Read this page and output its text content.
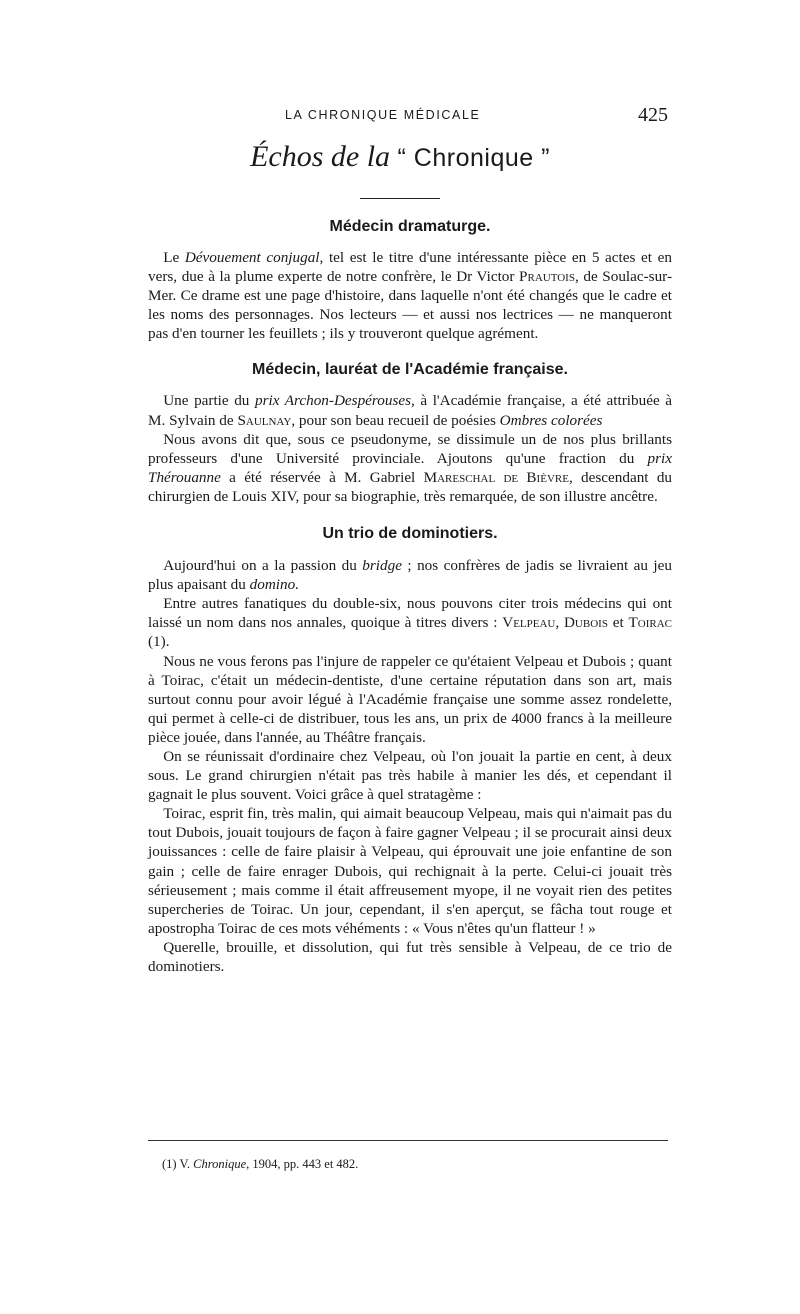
LA CHRONIQUE MÉDICALE	425
Échos de la “ Chronique ”
Médecin dramaturge.

 Le Dévouement conjugal, tel est le titre d'une intéressante pièce en 5 actes et en vers, due à la plume experte de notre confrère, le Dr Victor Prautois, de Soulac-sur-Mer. Ce drame est une page d'histoire, dans laquelle n'ont été changés que le cadre et les noms des personnages. Nos lecteurs — et aussi nos lectrices — ne manqueront pas d'en tourner les feuillets ; ils y trouveront quelque agrément.

Médecin, lauréat de l'Académie française.

 Une partie du prix Archon-Despérouses, à l'Académie française, a été attribuée à M. Sylvain de Saulnay, pour son beau recueil de poésies Ombres colorées

 Nous avons dit que, sous ce pseudonyme, se dissimule un de nos plus brillants professeurs d'une Université provinciale. Ajoutons qu'une fraction du prix Thérouanne a été réservée à M. Gabriel Mareschal de Bièvre, descendant du chirurgien de Louis XIV, pour sa biographie, très remarquée, de son illustre ancêtre.

Un trio de dominotiers.

 Aujourd'hui on a la passion du bridge ; nos confrères de jadis se livraient au jeu plus apaisant du domino.

 Entre autres fanatiques du double-six, nous pouvons citer trois médecins qui ont laissé un nom dans nos annales, quoique à titres divers : Velpeau, Dubois et Toirac (1).

 Nous ne vous ferons pas l'injure de rappeler ce qu'étaient Velpeau et Dubois ; quant à Toirac, c'était un médecin-dentiste, d'une certaine réputation dans son art, mais surtout connu pour avoir légué à l'Académie française une somme assez rondelette, qui permet à celle-ci de distribuer, tous les ans, un prix de 4000 francs à la meilleure pièce jouée, dans l'année, au Théâtre français.

 On se réunissait d'ordinaire chez Velpeau, où l'on jouait la partie en cent, à deux sous. Le grand chirurgien n'était pas très habile à manier les dés, et cependant il gagnait le plus souvent. Voici grâce à quel stratagème :

 Toirac, esprit fin, très malin, qui aimait beaucoup Velpeau, mais qui n'aimait pas du tout Dubois, jouait toujours de façon à faire gagner Velpeau ; il se procurait ainsi deux jouissances : celle de faire plaisir à Velpeau, qui éprouvait une joie enfantine de son gain ; celle de faire enrager Dubois, qui rechignait à la perte. Celui-ci jouait très sérieusement ; mais comme il était affreusement myope, il ne voyait rien des petites supercheries de Toirac. Un jour, cependant, il s'en aperçut, se fâcha tout rouge et apostropha Toirac de ces mots véhéments : « Vous n'êtes qu'un flatteur ! »

 Querelle, brouille, et dissolution, qui fut très sensible à Velpeau, de ce trio de dominotiers.

(1) V. Chronique, 1904, pp. 443 et 482.
